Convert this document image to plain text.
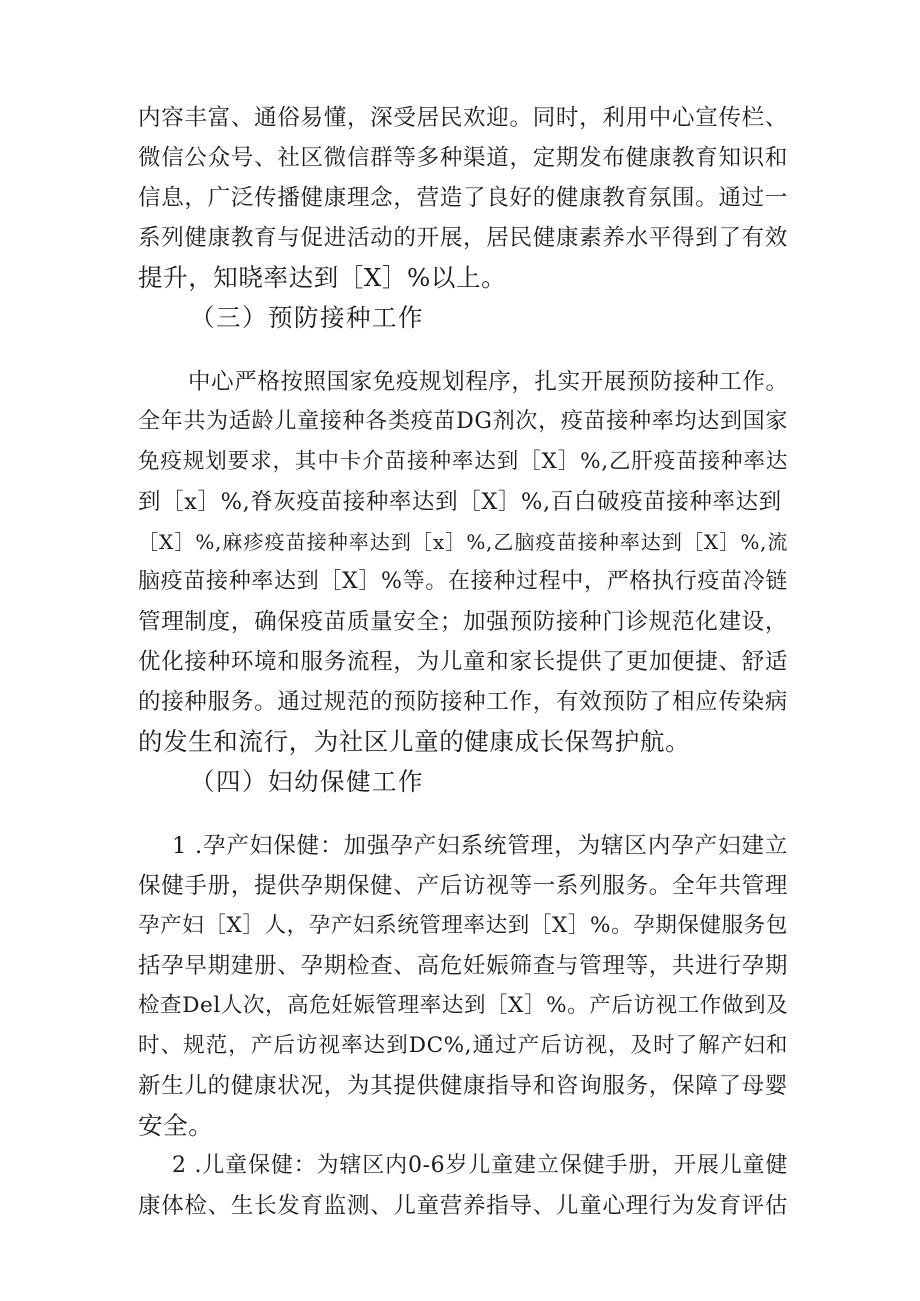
内容丰富、通俗易懂，深受居民欢迎。同时，利用中心宣传栏、
微信公众号、社区微信群等多种渠道，定期发布健康教育知识和
信息，广泛传播健康理念，营造了良好的健康教育氛围。通过一
系列健康教育与促进活动的开展，居民健康素养水平得到了有效
提升，知晓率达到［X］%以上。
（三）预防接种工作
中心严格按照国家免疫规划程序，扎实开展预防接种工作。
全年共为适龄儿童接种各类疫苗DG剂次，疫苗接种率均达到国家
免疫规划要求，其中卡介苗接种率达到［X］%,乙肝疫苗接种率达
到［x］%,脊灰疫苗接种率达到［X］%,百白破疫苗接种率达到
［X］%,麻疹疫苗接种率达到［x］%,乙脑疫苗接种率达到［X］%,流
脑疫苗接种率达到［X］%等。在接种过程中，严格执行疫苗冷链
管理制度，确保疫苗质量安全；加强预防接种门诊规范化建设，
优化接种环境和服务流程，为儿童和家长提供了更加便捷、舒适
的接种服务。通过规范的预防接种工作，有效预防了相应传染病
的发生和流行，为社区儿童的健康成长保驾护航。
（四）妇幼保健工作
1 .孕产妇保健：加强孕产妇系统管理，为辖区内孕产妇建立
保健手册，提供孕期保健、产后访视等一系列服务。全年共管理
孕产妇［X］人，孕产妇系统管理率达到［X］%。孕期保健服务包
括孕早期建册、孕期检查、高危妊娠筛查与管理等，共进行孕期
检查Del人次，高危妊娠管理率达到［X］%。产后访视工作做到及
时、规范，产后访视率达到DC%,通过产后访视，及时了解产妇和
新生儿的健康状况，为其提供健康指导和咨询服务，保障了母婴
安全。
2 .儿童保健：为辖区内0-6岁儿童建立保健手册，开展儿童健
康体检、生长发育监测、儿童营养指导、儿童心理行为发育评估
